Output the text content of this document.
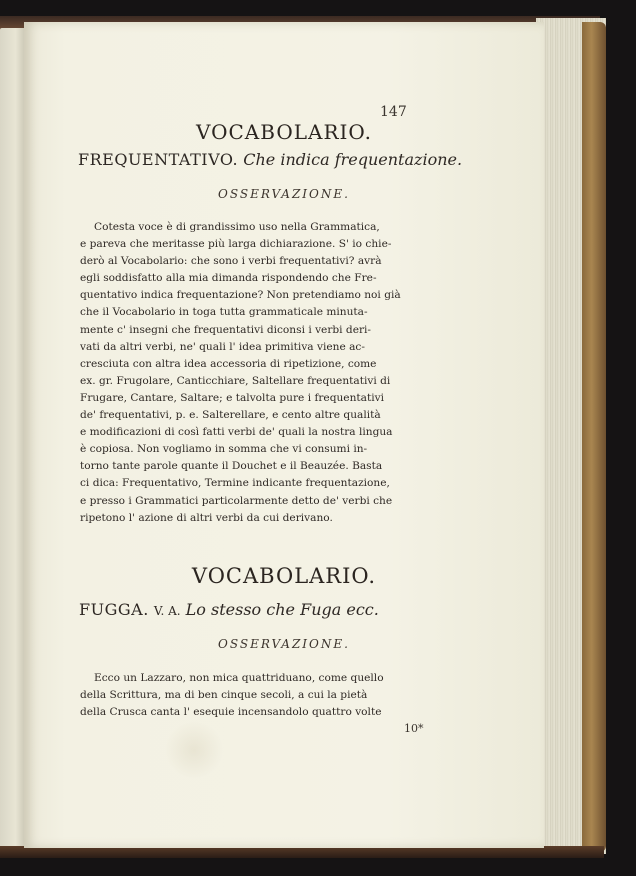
147
VOCABOLARIO.
FREQUENTATIVO. Che indica frequentazione.
OSSERVAZIONE.
Cotesta voce è di grandissimo uso nella Grammatica,
e pareva che meritasse più larga dichiarazione. S' io chie-
derò al Vocabolario: che sono i verbi frequentativi? avrà
egli soddisfatto alla mia dimanda rispondendo che Fre-
quentativo indica frequentazione? Non pretendiamo noi già
che il Vocabolario in toga tutta grammaticale minuta-
mente c' insegni che frequentativi diconsi i verbi deri-
vati da altri verbi, ne' quali l' idea primitiva viene ac-
cresciuta con altra idea accessoria di ripetizione, come
ex. gr. Frugolare, Canticchiare, Saltellare frequentativi di
Frugare, Cantare, Saltare; e talvolta pure i frequentativi
de' frequentativi, p. e. Salterellare, e cento altre qualità
e modificazioni di così fatti verbi de' quali la nostra lingua
è copiosa. Non vogliamo in somma che vi consumi in-
torno tante parole quante il Douchet e il Beauzée. Basta
ci dica: Frequentativo, Termine indicante frequentazione,
e presso i Grammatici particolarmente detto de' verbi che
ripetono l' azione di altri verbi da cui derivano.
VOCABOLARIO.
FUGGA. V. A. Lo stesso che Fuga ecc.
OSSERVAZIONE.
Ecco un Lazzaro, non mica quattriduano, come quello
della Scrittura, ma di ben cinque secoli, a cui la pietà
della Crusca canta l' esequie incensandolo quattro volte
10*
